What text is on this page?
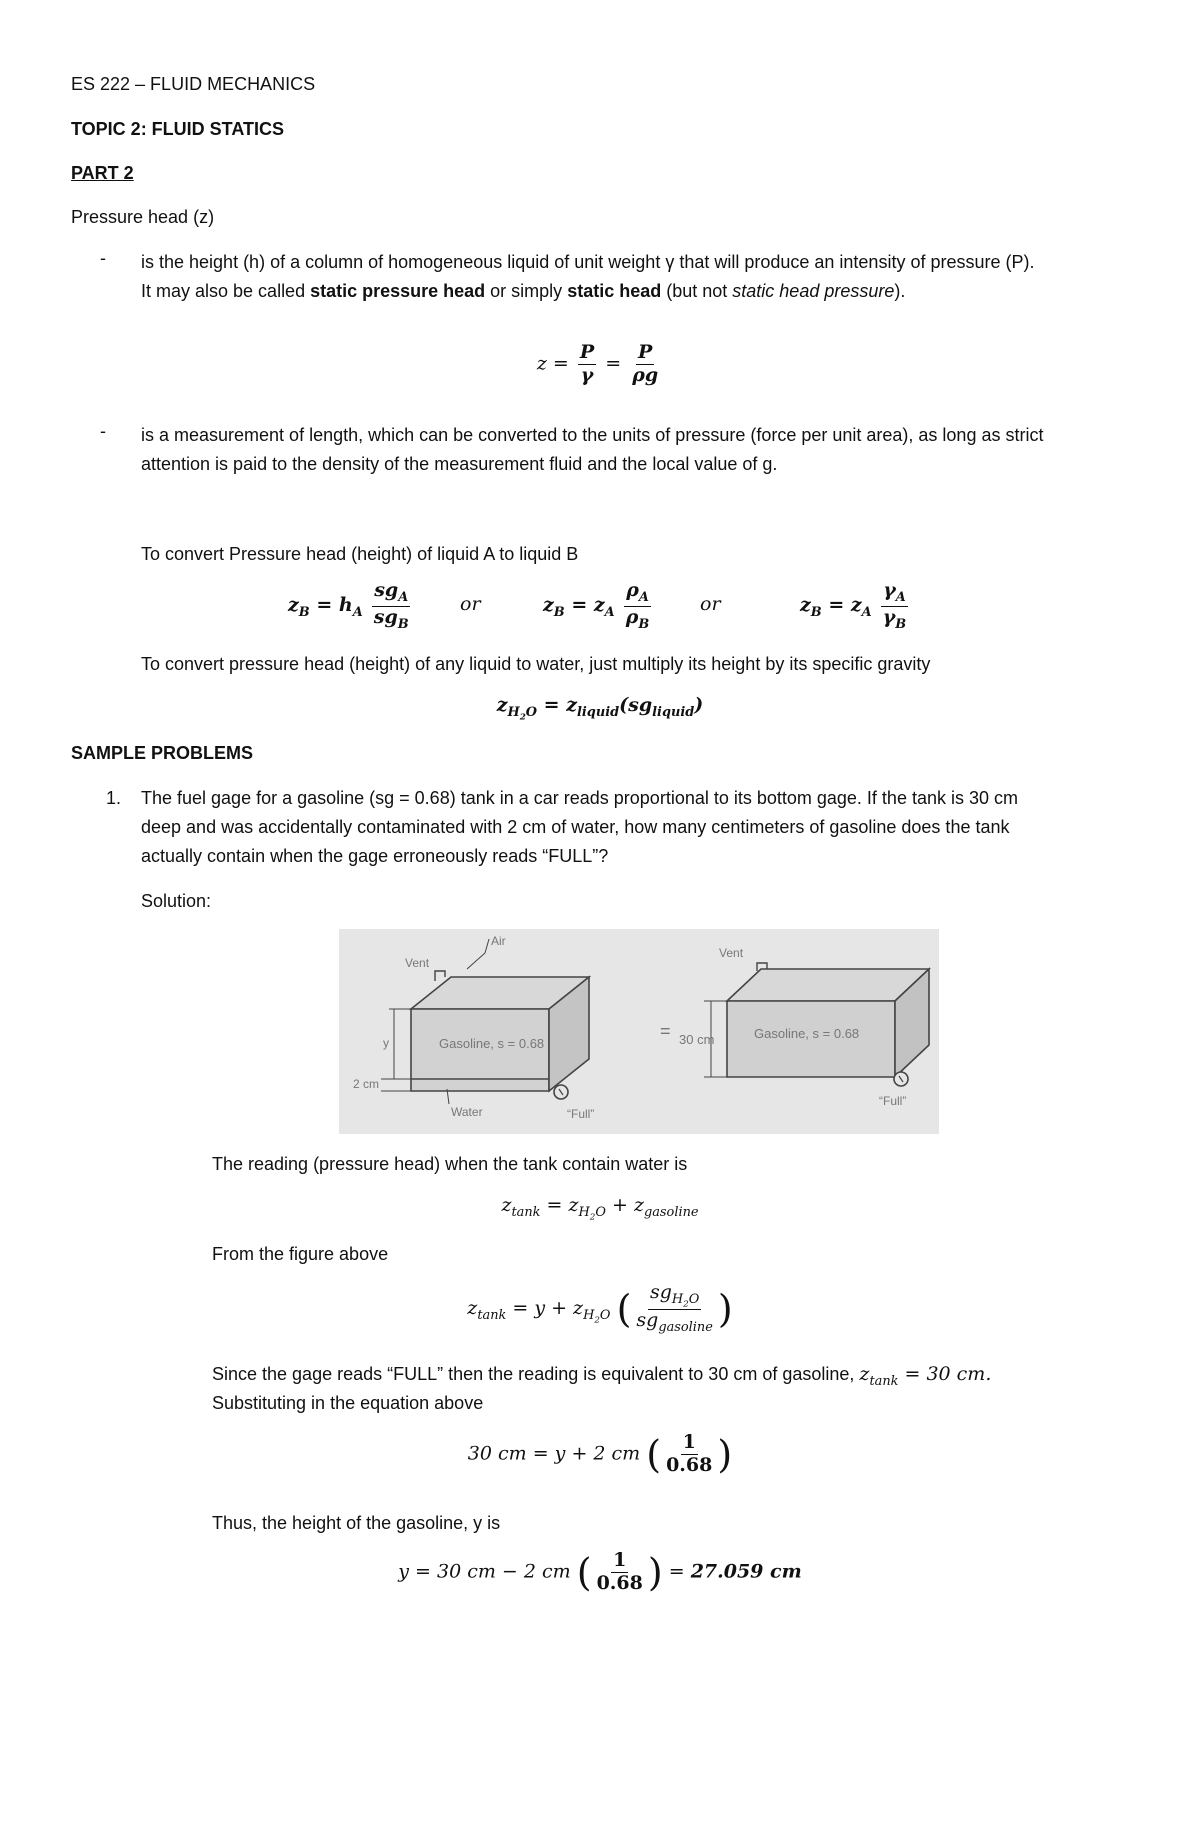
ES 222 – FLUID MECHANICS
TOPIC 2: FLUID STATICS
PART 2
Pressure head (z)
- is the height (h) of a column of homogeneous liquid of unit weight γ that will produce an intensity of pressure (P).
It may also be called static pressure head or simply static head (but not static head pressure).
$z = \frac{P}{\gamma} = \frac{P}{\rho g}$
- is a measurement of length, which can be converted to the units of pressure (force per unit area), as long as strict
attention is paid to the density of the measurement fluid and the local value of g.
To convert Pressure head (height) of liquid A to liquid B
$z_B = h_A \frac{sg_A}{sg_B}$	or	$z_B = z_A \frac{\rho_A}{\rho_B}$	or	$z_B = z_A \frac{\gamma_A}{\gamma_B}$
To convert pressure head (height) of any liquid to water, just multiply its height by its specific gravity
$z_{H_2O} = z_{liquid}(sg_{liquid})$
SAMPLE PROBLEMS
1. The fuel gage for a gasoline (sg = 0.68) tank in a car reads proportional to its bottom gage. If the tank is 30 cm
deep and was accidentally contaminated with 2 cm of water, how many centimeters of gasoline does the tank
actually contain when the gage erroneously reads “FULL”?
Solution:
Vent
Air
Gasoline, s = 0.68
y
2 cm
Water	“Full”
=
Vent
30 cm	Gasoline, s = 0.68
“Full”
The reading (pressure head) when the tank contain water is
$z_{tank} = z_{H_2O} + z_{gasoline}$
From the figure above
$z_{tank} = y + z_{H_2O}$ ( $\frac{sg_{H_2O}}{sg_{gasoline}}$ )
Since the gage reads “FULL” then the reading is equivalent to 30 cm of gasoline, $z_{tank} = 30$ cm.
Substituting in the equation above
30 cm = y + 2 cm ( $\frac{1}{0.68}$ )
Thus, the height of the gasoline, y is
y = 30 cm − 2 cm ( $\frac{1}{0.68}$ ) = 27.059 cm
